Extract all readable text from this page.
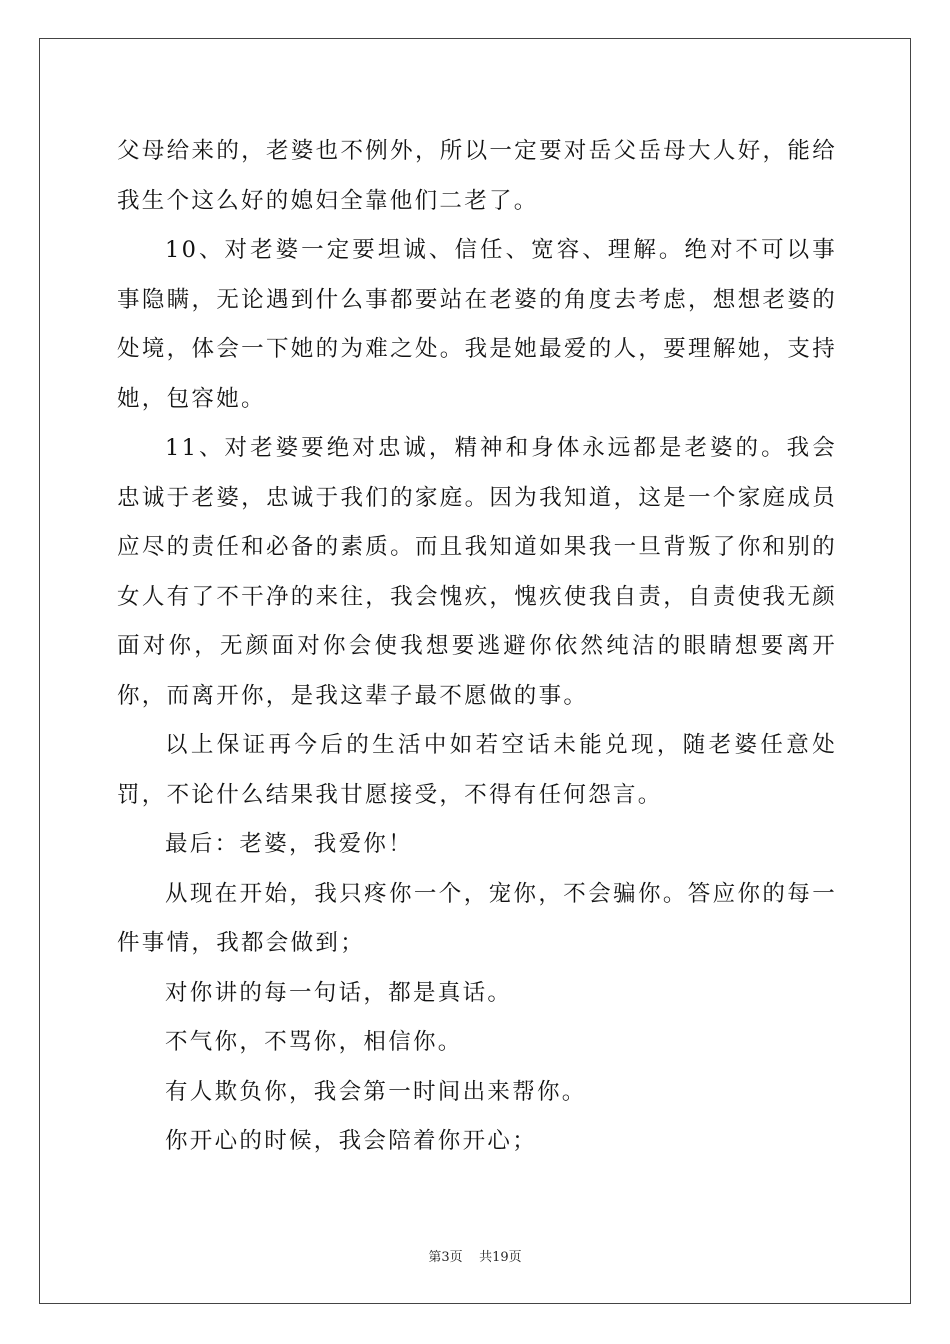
父母给来的，老婆也不例外，所以一定要对岳父岳母大人好，能给我生个这么好的媳妇全靠他们二老了。

10、对老婆一定要坦诚、信任、宽容、理解。绝对不可以事事隐瞒，无论遇到什么事都要站在老婆的角度去考虑，想想老婆的处境，体会一下她的为难之处。我是她最爱的人，要理解她，支持她，包容她。

11、对老婆要绝对忠诚，精神和身体永远都是老婆的。我会忠诚于老婆，忠诚于我们的家庭。因为我知道，这是一个家庭成员应尽的责任和必备的素质。而且我知道如果我一旦背叛了你和别的女人有了不干净的来往，我会愧疚，愧疚使我自责，自责使我无颜面对你，无颜面对你会使我想要逃避你依然纯洁的眼睛想要离开你，而离开你，是我这辈子最不愿做的事。

以上保证再今后的生活中如若空话未能兑现，随老婆任意处罚，不论什么结果我甘愿接受，不得有任何怨言。

最后：老婆，我爱你！

从现在开始，我只疼你一个，宠你，不会骗你。答应你的每一件事情，我都会做到；

对你讲的每一句话，都是真话。

不气你，不骂你，相信你。

有人欺负你，我会第一时间出来帮你。

你开心的时候，我会陪着你开心；

第3页    共19页
